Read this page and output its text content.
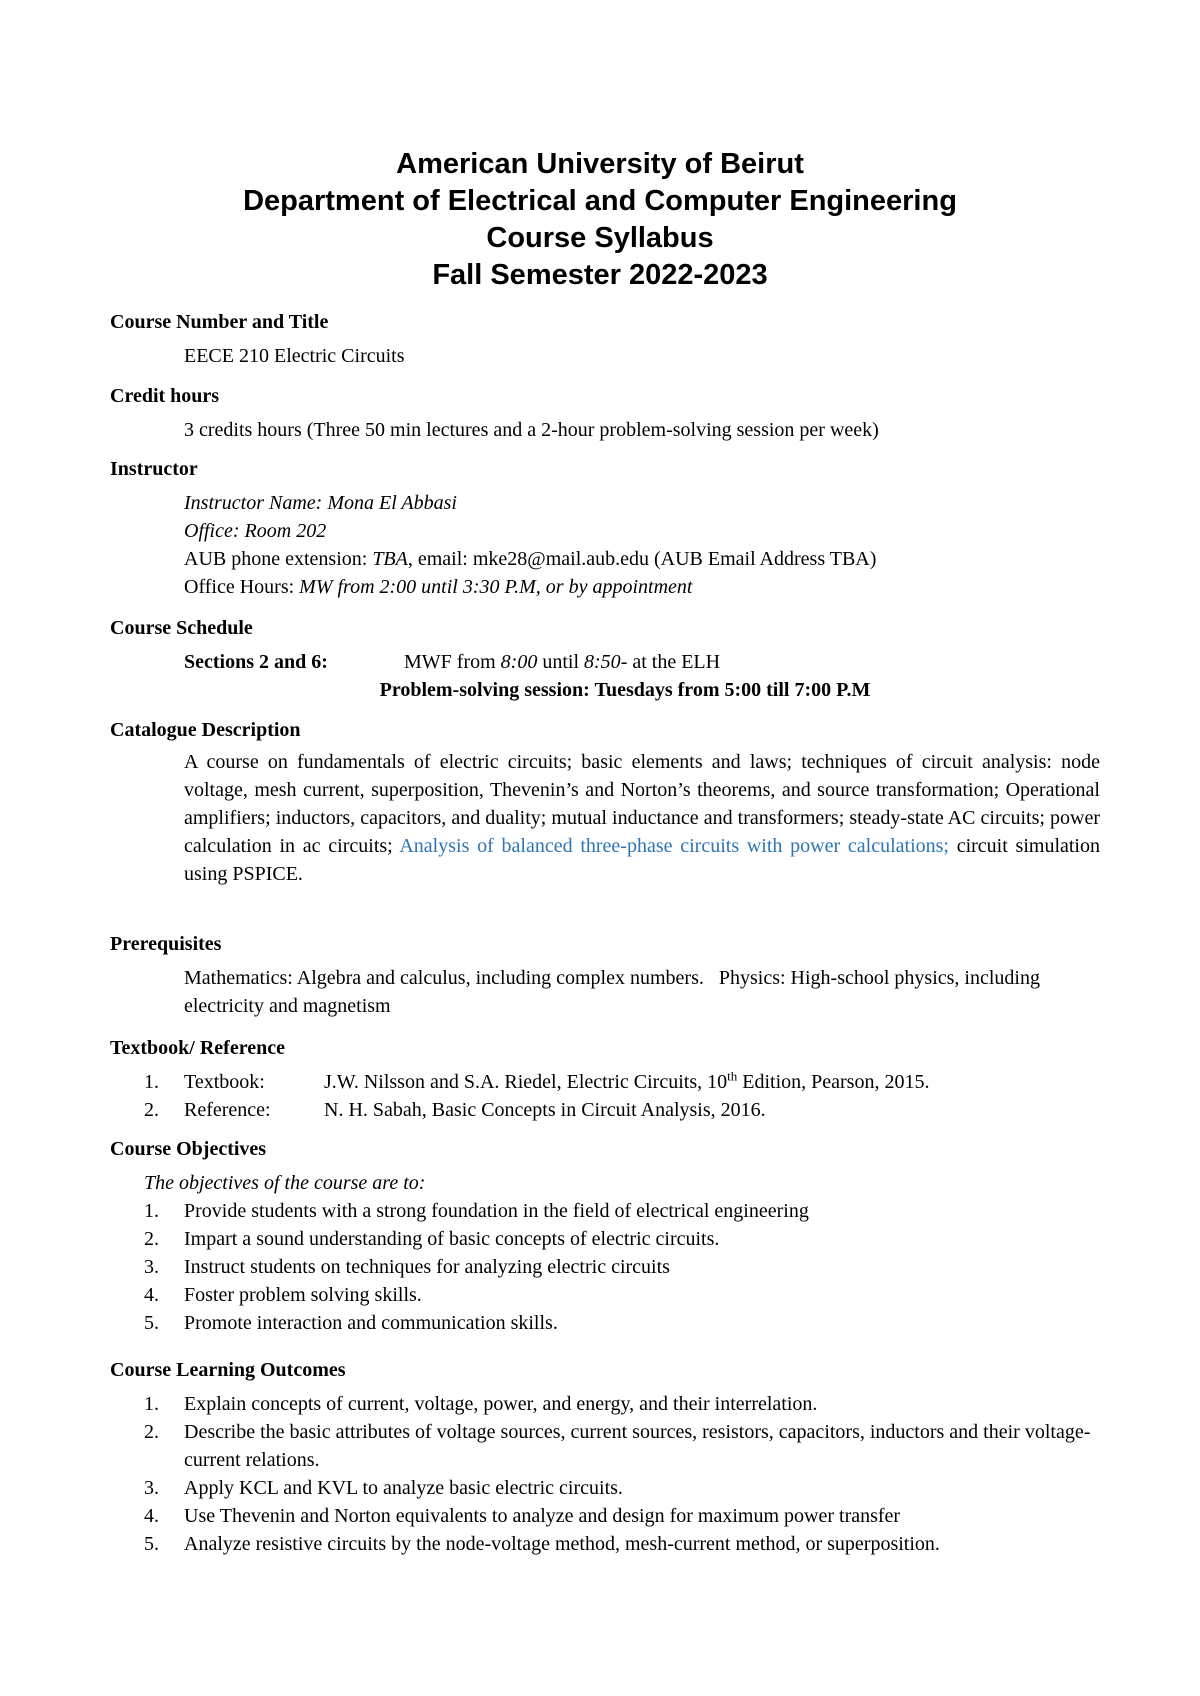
American University of Beirut
Department of Electrical and Computer Engineering
Course Syllabus
Fall Semester 2022-2023
Course Number and Title
EECE 210 Electric Circuits
Credit hours
3 credits hours (Three 50 min lectures and a 2-hour problem-solving session per week)
Instructor
Instructor Name: Mona El Abbasi
Office: Room 202
AUB phone extension: TBA, email: mke28@mail.aub.edu (AUB Email Address TBA)
Office Hours: MW from 2:00 until 3:30 P.M, or by appointment
Course Schedule
Sections 2 and 6:	MWF from 8:00 until 8:50- at the ELH
Problem-solving session: Tuesdays from 5:00 till 7:00 P.M
Catalogue Description
A course on fundamentals of electric circuits; basic elements and laws; techniques of circuit analysis: node voltage, mesh current, superposition, Thevenin’s and Norton’s theorems, and source transformation; Operational amplifiers; inductors, capacitors, and duality; mutual inductance and transformers; steady-state AC circuits; power calculation in ac circuits; Analysis of balanced three-phase circuits with power calculations; circuit simulation using PSPICE.
Prerequisites
Mathematics: Algebra and calculus, including complex numbers.   Physics: High-school physics, including electricity and magnetism
Textbook/ Reference
1.	Textbook:	J.W. Nilsson and S.A. Riedel, Electric Circuits, 10th Edition, Pearson, 2015.
2.	Reference:	N. H. Sabah, Basic Concepts in Circuit Analysis, 2016.
Course Objectives
The objectives of the course are to:
1.	Provide students with a strong foundation in the field of electrical engineering
2.	Impart a sound understanding of basic concepts of electric circuits.
3.	Instruct students on techniques for analyzing electric circuits
4.	Foster problem solving skills.
5.	Promote interaction and communication skills.
Course Learning Outcomes
1.	Explain concepts of current, voltage, power, and energy, and their interrelation.
2.	Describe the basic attributes of voltage sources, current sources, resistors, capacitors, inductors and their voltage-current relations.
3.	Apply KCL and KVL to analyze basic electric circuits.
4.	Use Thevenin and Norton equivalents to analyze and design for maximum power transfer
5.	Analyze resistive circuits by the node-voltage method, mesh-current method, or superposition.
